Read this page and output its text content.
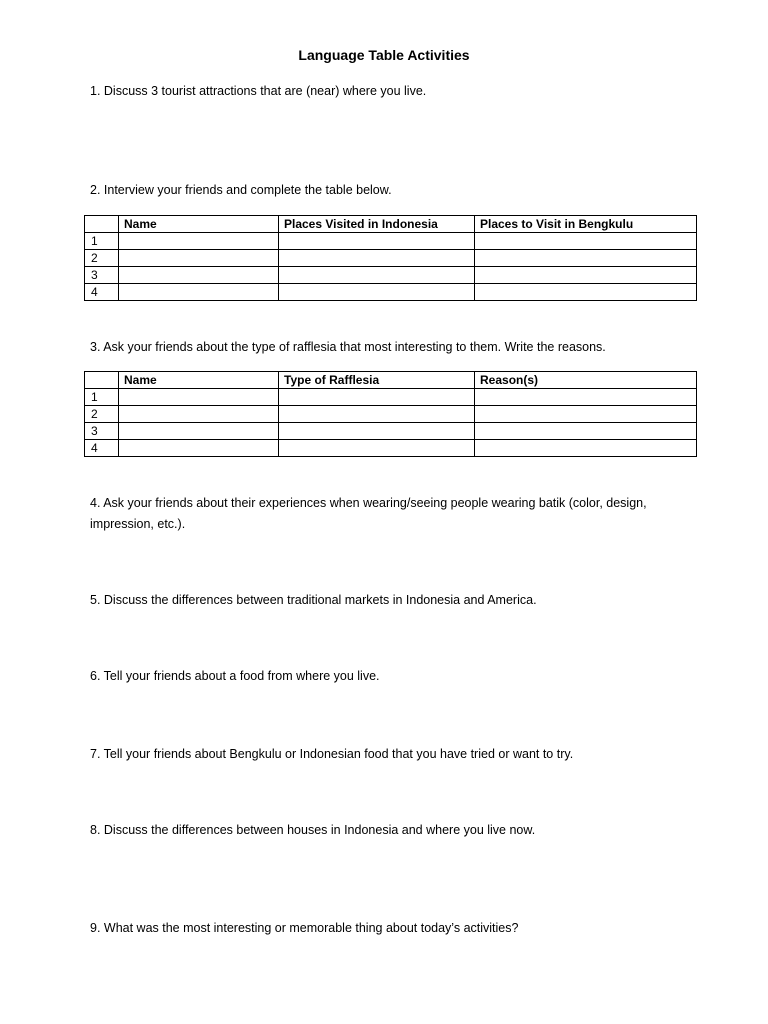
Language Table Activities
1. Discuss 3 tourist attractions that are (near) where you live.
2. Interview your friends and complete the table below.
	Name	Places Visited in Indonesia	Places to Visit in Bengkulu
1			
2			
3			
4			
3. Ask your friends about the type of rafflesia that most interesting to them. Write the reasons.
	Name	Type of Rafflesia	Reason(s)
1			
2			
3			
4			
4. Ask your friends about their experiences when wearing/seeing people wearing batik (color, design, impression, etc.).
5. Discuss the differences between traditional markets in Indonesia and America.
6. Tell your friends about a food from where you live.
7. Tell your friends about Bengkulu or Indonesian food that you have tried or want to try.
8. Discuss the differences between houses in Indonesia and where you live now.
9. What was the most interesting or memorable thing about today’s activities?
